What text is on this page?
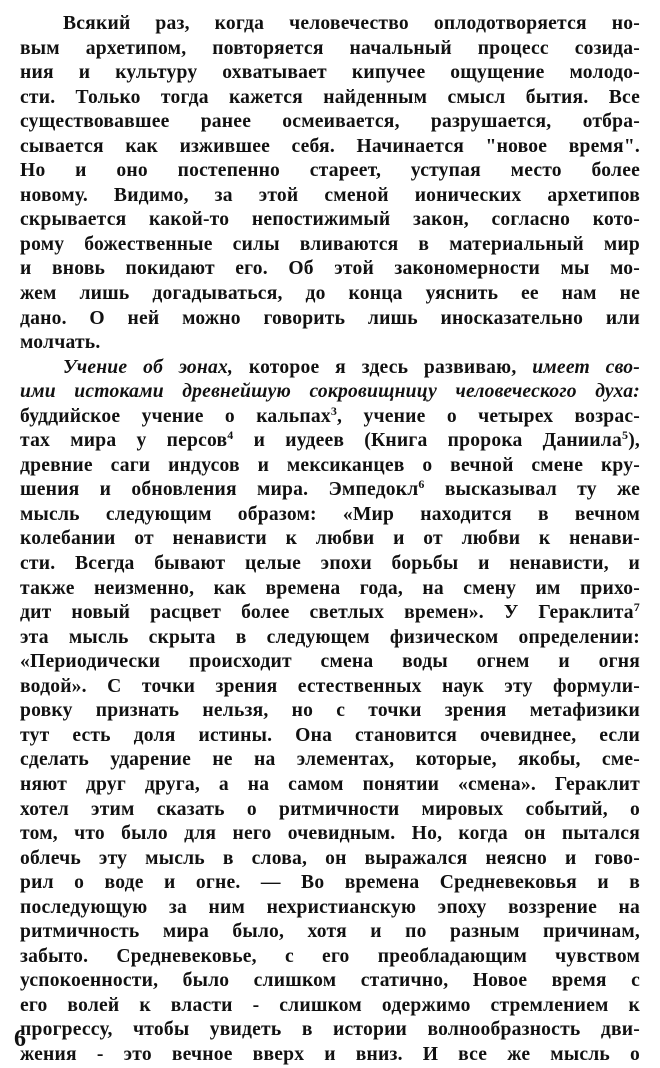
Всякий раз, когда человечество оплодотворяется но-
вым архетипом, повторяется начальный процесс созида-
ния и культуру охватывает кипучее ощущение молодо-
сти. Только тогда кажется найденным смысл бытия. Все
существовавшее ранее осмеивается, разрушается, отбра-
сывается как изжившее себя. Начинается "новое время".
Но и оно постепенно стареет, уступая место более
новому. Видимо, за этой сменой ионических архетипов
скрывается какой-то непостижимый закон, согласно кото-
рому божественные силы вливаются в материальный мир
и вновь покидают его. Об этой закономерности мы мо-
жем лишь догадываться, до конца уяснить ее нам не
дано. О ней можно говорить лишь иносказательно или
молчать.
Учение об эонах, которое я здесь развиваю, имеет сво-
ими истоками древнейшую сокровищницу человеческого духа:
буддийское учение о кальпах$^3$, учение о четырех возрас-
тах мира у персов$^4$ и иудеев (Книга пророка Даниила$^5$),
древние саги индусов и мексиканцев о вечной смене кру-
шения и обновления мира. Эмпедокл$^6$ высказывал ту же
мысль следующим образом: «Мир находится в вечном
колебании от ненависти к любви и от любви к ненави-
сти. Всегда бывают целые эпохи борьбы и ненависти, и
также неизменно, как времена года, на смену им прихо-
дит новый расцвет более светлых времен». У Гераклита$^7$
эта мысль скрыта в следующем физическом определении:
«Периодически происходит смена воды огнем и огня
водой». С точки зрения естественных наук эту формули-
ровку признать нельзя, но с точки зрения метафизики
тут есть доля истины. Она становится очевиднее, если
сделать ударение не на элементах, которые, якобы, сме-
няют друг друга, а на самом понятии «смена». Гераклит
хотел этим сказать о ритмичности мировых событий, о
том, что было для него очевидным. Но, когда он пытался
облечь эту мысль в слова, он выражался неясно и гово-
рил о воде и огне. — Во времена Средневековья и в
последующую за ним нехристианскую эпоху воззрение на
ритмичность мира было, хотя и по разным причинам,
забыто. Средневековье, с его преобладающим чувством
успокоенности, было слишком статично, Новое время с
его волей к власти - слишком одержимо стремлением к
прогрессу, чтобы увидеть в истории волнообразность дви-
жения - это вечное вверх и вниз. И все же мысль о
6
